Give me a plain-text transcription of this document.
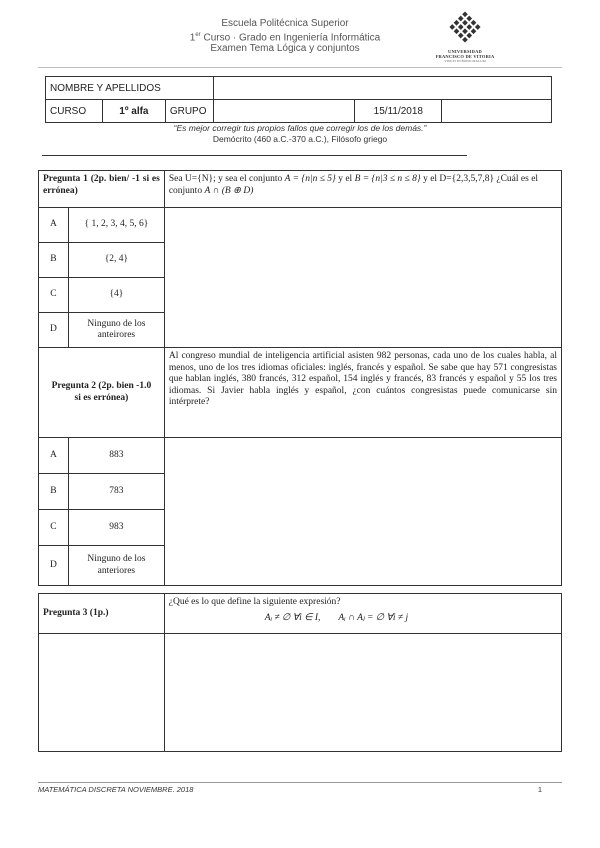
Escuela Politécnica Superior
1er Curso · Grado en Ingeniería Informática
Examen Tema Lógica y conjuntos	UNIVERSIDAD
FRANCISCO DE VITORIA
VINCIT IN BONO MALUM
NOMBRE Y APELLIDOS					
CURSO	1º alfa	GRUPO		15/11/2018	
“Es mejor corregir tus propios fallos que corregir los de los demás.”
Demócrito (460 a.C.-370 a.C.), Filósofo griego
Pregunta 1 (2p. bien/ -1 si es errónea)		Sea U={N}; y sea el conjunto A = {n|n ≤ 5} y el B = {n|3 ≤ n ≤ 8} y el D={2,3,5,7,8} ¿Cuál es el conjunto A ∩ (B ⊕ D)
A	{ 1, 2, 3, 4, 5, 6}	
B	{2, 4}	
C	{4}	
D	Ninguno de los anteirores	
Pregunta 2 (2p. bien -1.0 si es errónea)		Al congreso mundial de inteligencia artificial asisten 982 personas, cada uno de los cuales habla, al menos, uno de los tres idiomas oficiales: inglés, francés y español. Se sabe que hay 571 congresistas que hablan inglés, 380 francés, 312 español, 154 inglés y francés, 83 francés y español y 55 los tres idiomas. Si Javier habla inglés y español, ¿con cuántos congresistas puede comunicarse sin intérprete?
A	883	
B	783	
C	983	
D	Ninguno de los anteriores	
Pregunta 3 (1p.)	¿Qué es lo que define la siguiente expresión?
Aᵢ ≠ ∅ ∀i ∈ I, Aᵢ ∩ Aⱼ = ∅ ∀i ≠ j

MATEMÁTICA DISCRETA NOVIEMBRE. 2018	1
